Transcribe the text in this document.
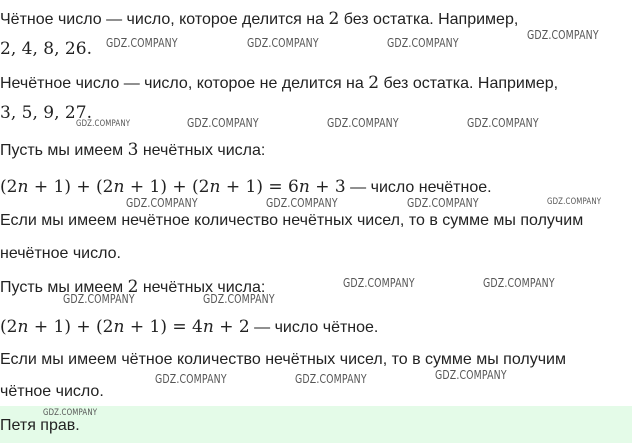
Чётное число — число, которое делится на 2 без остатка. Например,
2, 4, 8, 26.
Нечётное число — число, которое не делится на 2 без остатка. Например,
3, 5, 9, 27.
Пусть мы имеем 3 нечётных числа:
(2n + 1) + (2n + 1) + (2n + 1) = 6n + 3 — число нечётное.
Если мы имеем нечётное количество нечётных чисел, то в сумме мы получим
нечётное число.
Пусть мы имеем 2 нечётных числа:
(2n + 1) + (2n + 1) = 4n + 2 — число чётное.
Если мы имеем чётное количество нечётных чисел, то в сумме мы получим
чётное число.
Петя прав.
GDZ.COMPANY	GDZ.COMPANY	GDZ.COMPANY
GDZ.COMPANY
GDZ.COMPANY	GDZ.COMPANY	GDZ.COMPANY	GDZ.COMPANY
GDZ.COMPANY	GDZ.COMPANY	GDZ.COMPANY	GDZ.COMPANY
GDZ.COMPANY	GDZ.COMPANY
GDZ.COMPANY	GDZ.COMPANY
GDZ.COMPANY	GDZ.COMPANY	GDZ.COMPANY
GDZ.COMPANY
